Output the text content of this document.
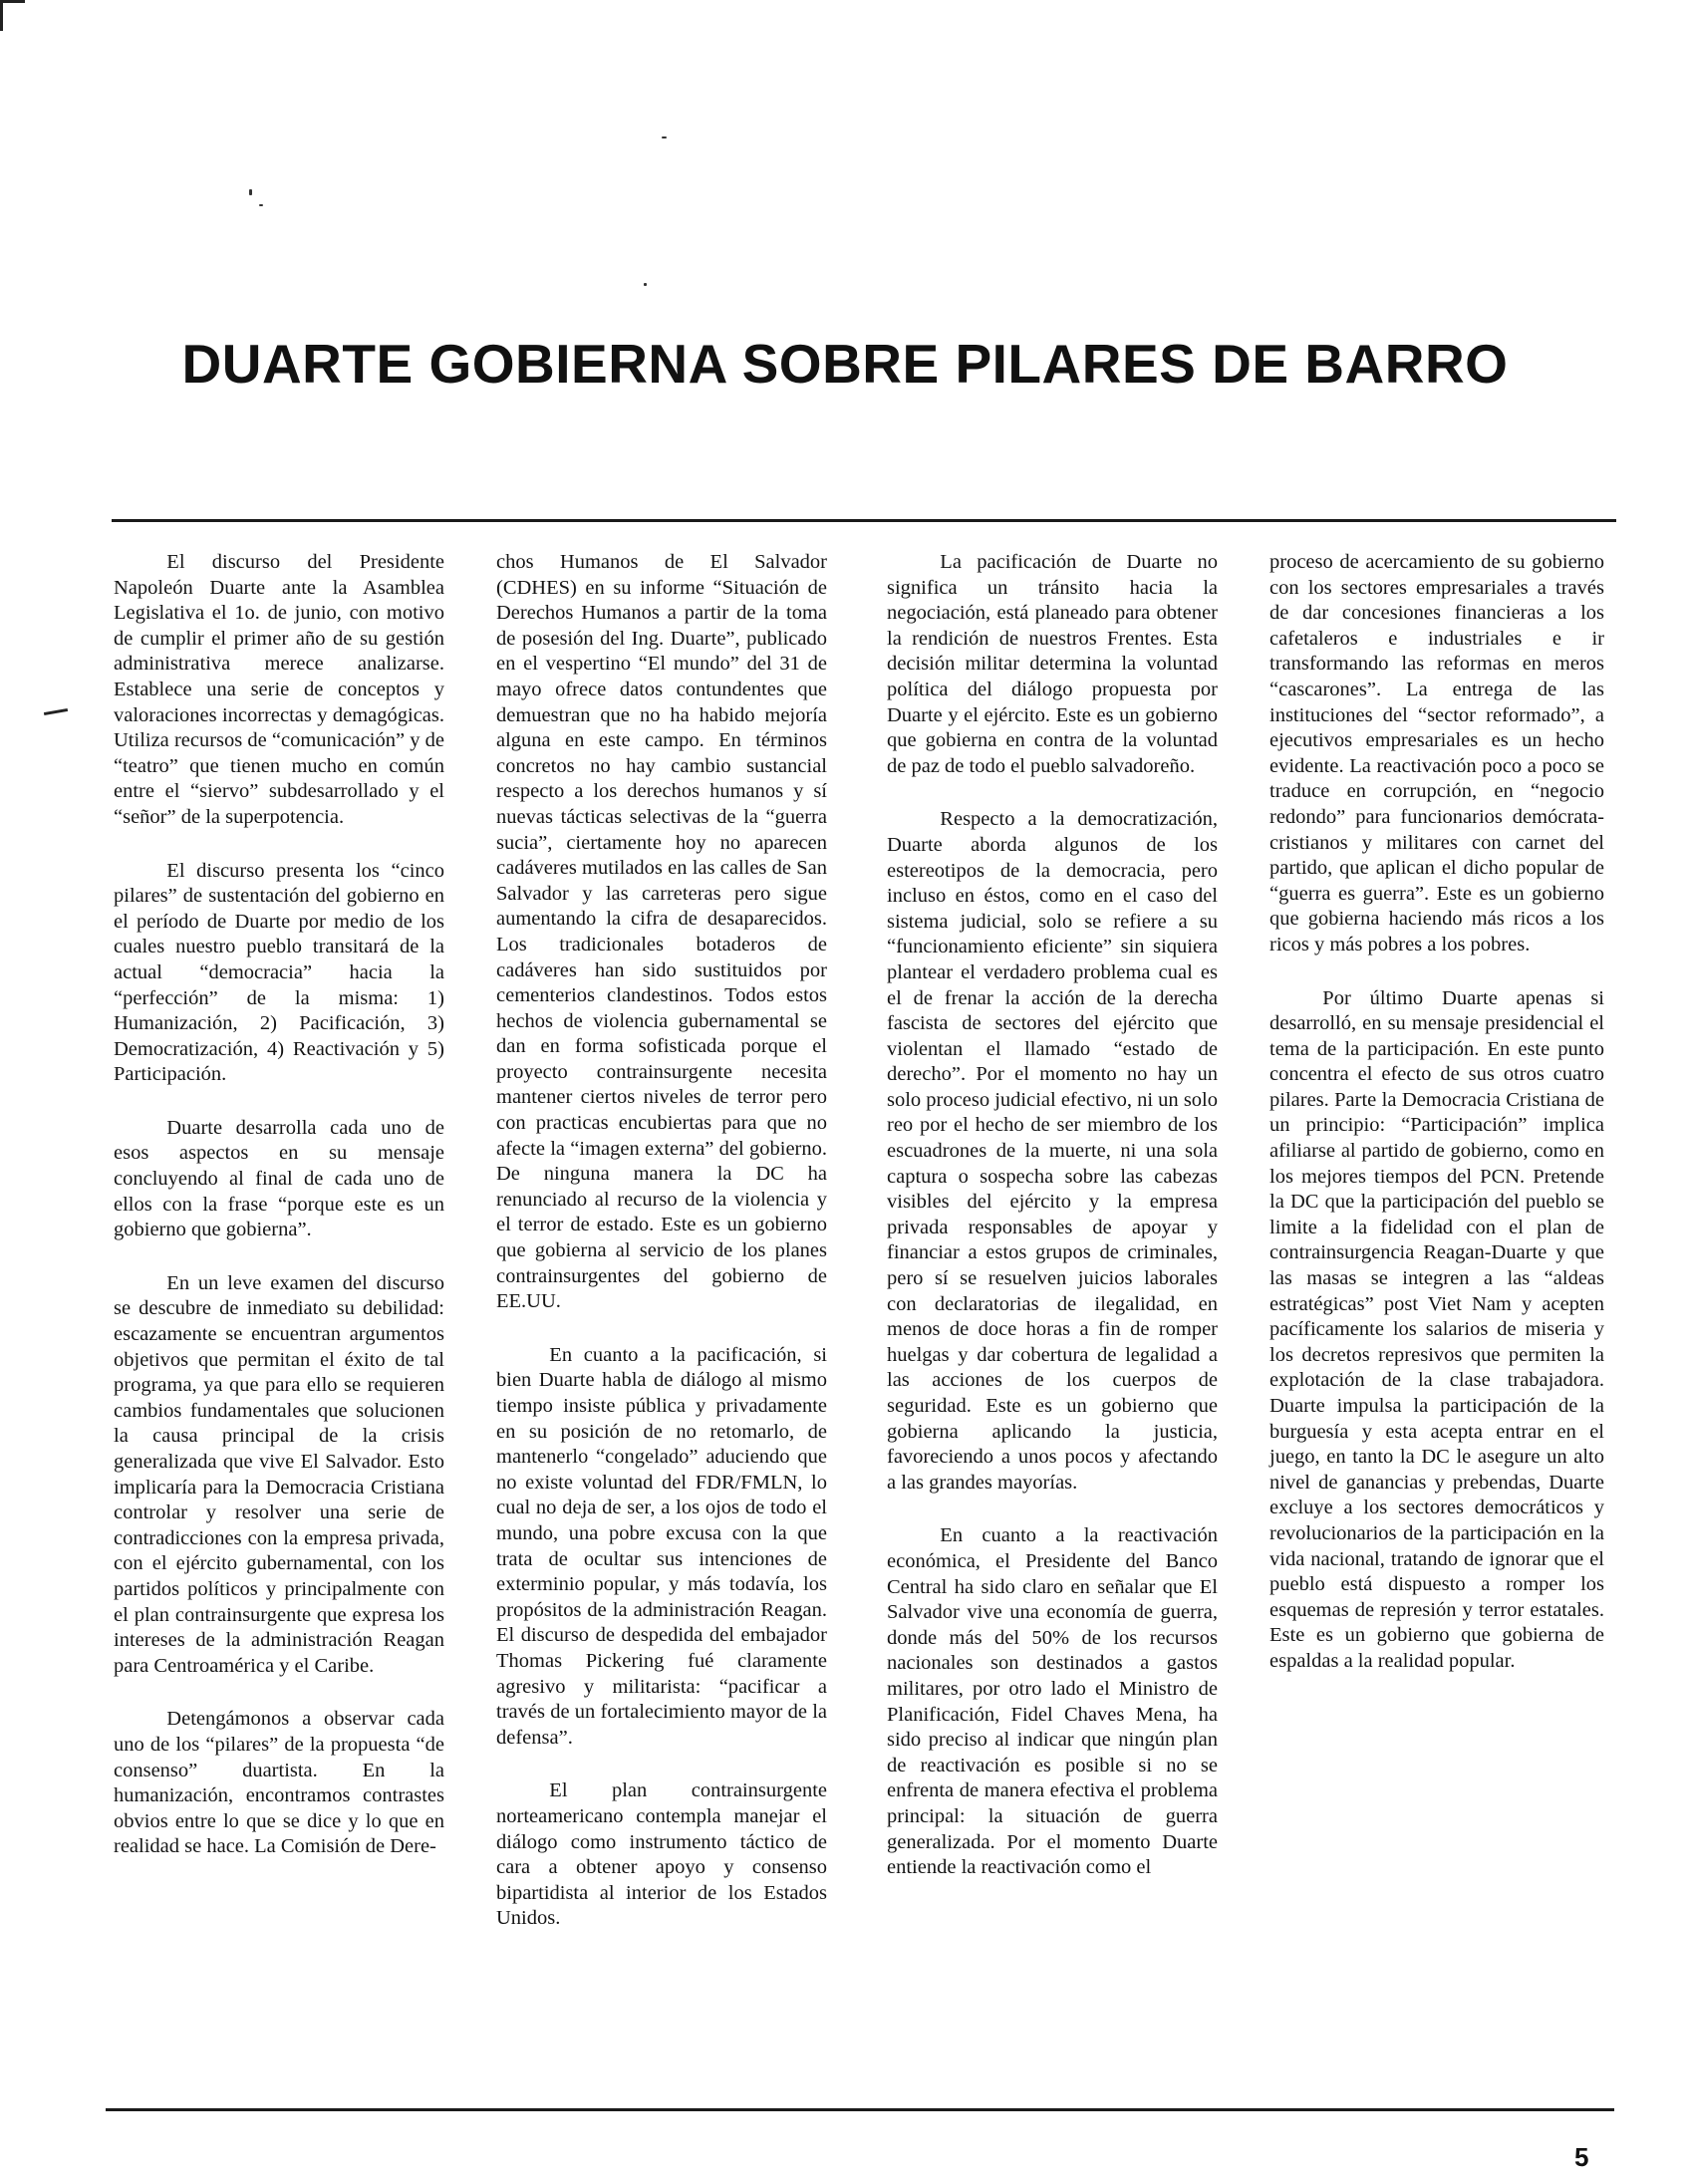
DUARTE GOBIERNA SOBRE PILARES DE BARRO

El discurso del Presidente Napoleón Duarte ante la Asamblea Legislativa el 1o. de junio, con motivo de cumplir el primer año de su gestión administrativa merece analizarse. Establece una serie de conceptos y valoraciones incorrectas y demagógicas. Utiliza recursos de “comunicación” y de “teatro” que tienen mucho en común entre el “siervo” subdesarrollado y el “señor” de la superpotencia.

El discurso presenta los “cinco pilares” de sustentación del gobierno en el período de Duarte por medio de los cuales nuestro pueblo transitará de la actual “democracia” hacia la “perfección” de la misma: 1) Humanización, 2) Pacificación, 3) Democratización, 4) Reactivación y 5) Participación.

Duarte desarrolla cada uno de esos aspectos en su mensaje concluyendo al final de cada uno de ellos con la frase “porque este es un gobierno que gobierna”.

En un leve examen del discurso se descubre de inmediato su debilidad: escazamente se encuentran argumentos objetivos que permitan el éxito de tal programa, ya que para ello se requieren cambios fundamentales que solucionen la causa principal de la crisis generalizada que vive El Salvador. Esto implicaría para la Democracia Cristiana controlar y resolver una serie de contradicciones con la empresa privada, con el ejército gubernamental, con los partidos políticos y principalmente con el plan contrainsurgente que expresa los intereses de la administración Reagan para Centroamérica y el Caribe.

Detengámonos a observar cada uno de los “pilares” de la propuesta “de consenso” duartista. En la humanización, encontramos contrastes obvios entre lo que se dice y lo que en realidad se hace. La Comisión de Dere-

chos Humanos de El Salvador (CDHES) en su informe “Situación de Derechos Humanos a partir de la toma de posesión del Ing. Duarte”, publicado en el vespertino “El mundo” del 31 de mayo ofrece datos contundentes que demuestran que no ha habido mejoría alguna en este campo. En términos concretos no hay cambio sustancial respecto a los derechos humanos y sí nuevas tácticas selectivas de la “guerra sucia”, ciertamente hoy no aparecen cadáveres mutilados en las calles de San Salvador y las carreteras pero sigue aumentando la cifra de desaparecidos. Los tradicionales botaderos de cadáveres han sido sustituidos por cementerios clandestinos. Todos estos hechos de violencia gubernamental se dan en forma sofisticada porque el proyecto contrainsurgente necesita mantener ciertos niveles de terror pero con practicas encubiertas para que no afecte la “imagen externa” del gobierno. De ninguna manera la DC ha renunciado al recurso de la violencia y el terror de estado. Este es un gobierno que gobierna al servicio de los planes contrainsurgentes del gobierno de EE.UU.

En cuanto a la pacificación, si bien Duarte habla de diálogo al mismo tiempo insiste pública y privadamente en su posición de no retomarlo, de mantenerlo “congelado” aduciendo que no existe voluntad del FDR/FMLN, lo cual no deja de ser, a los ojos de todo el mundo, una pobre excusa con la que trata de ocultar sus intenciones de exterminio popular, y más todavía, los propósitos de la administración Reagan. El discurso de despedida del embajador Thomas Pickering fué claramente agresivo y militarista: “pacificar a través de un fortalecimiento mayor de la defensa”.

El plan contrainsurgente norteamericano contempla manejar el diálogo como instrumento táctico de cara a obtener apoyo y consenso bipartidista al interior de los Estados Unidos.

La pacificación de Duarte no significa un tránsito hacia la negociación, está planeado para obtener la rendición de nuestros Frentes. Esta decisión militar determina la voluntad política del diálogo propuesta por Duarte y el ejército. Este es un gobierno que gobierna en contra de la voluntad de paz de todo el pueblo salvadoreño.

Respecto a la democratización, Duarte aborda algunos de los estereotipos de la democracia, pero incluso en éstos, como en el caso del sistema judicial, solo se refiere a su “funcionamiento eficiente” sin siquiera plantear el verdadero problema cual es el de frenar la acción de la derecha fascista de sectores del ejército que violentan el llamado “estado de derecho”. Por el momento no hay un solo proceso judicial efectivo, ni un solo reo por el hecho de ser miembro de los escuadrones de la muerte, ni una sola captura o sospecha sobre las cabezas visibles del ejército y la empresa privada responsables de apoyar y financiar a estos grupos de criminales, pero sí se resuelven juicios laborales con declaratorias de ilegalidad, en menos de doce horas a fin de romper huelgas y dar cobertura de legalidad a las acciones de los cuerpos de seguridad. Este es un gobierno que gobierna aplicando la justicia, favoreciendo a unos pocos y afectando a las grandes mayorías.

En cuanto a la reactivación económica, el Presidente del Banco Central ha sido claro en señalar que El Salvador vive una economía de guerra, donde más del 50% de los recursos nacionales son destinados a gastos militares, por otro lado el Ministro de Planificación, Fidel Chaves Mena, ha sido preciso al indicar que ningún plan de reactivación es posible si no se enfrenta de manera efectiva el problema principal: la situación de guerra generalizada. Por el momento Duarte entiende la reactivación como el

proceso de acercamiento de su gobierno con los sectores empresariales a través de dar concesiones financieras a los cafetaleros e industriales e ir transformando las reformas en meros “cascarones”. La entrega de las instituciones del “sector reformado”, a ejecutivos empresariales es un hecho evidente. La reactivación poco a poco se traduce en corrupción, en “negocio redondo” para funcionarios demócrata-cristianos y militares con carnet del partido, que aplican el dicho popular de “guerra es guerra”. Este es un gobierno que gobierna haciendo más ricos a los ricos y más pobres a los pobres.

Por último Duarte apenas si desarrolló, en su mensaje presidencial el tema de la participación. En este punto concentra el efecto de sus otros cuatro pilares. Parte la Democracia Cristiana de un principio: “Participación” implica afiliarse al partido de gobierno, como en los mejores tiempos del PCN. Pretende la DC que la participación del pueblo se limite a la fidelidad con el plan de contrainsurgencia Reagan-Duarte y que las masas se integren a las “aldeas estratégicas” post Viet Nam y acepten pacíficamente los salarios de miseria y los decretos represivos que permiten la explotación de la clase trabajadora. Duarte impulsa la participación de la burguesía y esta acepta entrar en el juego, en tanto la DC le asegure un alto nivel de ganancias y prebendas, Duarte excluye a los sectores democráticos y revolucionarios de la participación en la vida nacional, tratando de ignorar que el pueblo está dispuesto a romper los esquemas de represión y terror estatales. Este es un gobierno que gobierna de espaldas a la realidad popular.

5
